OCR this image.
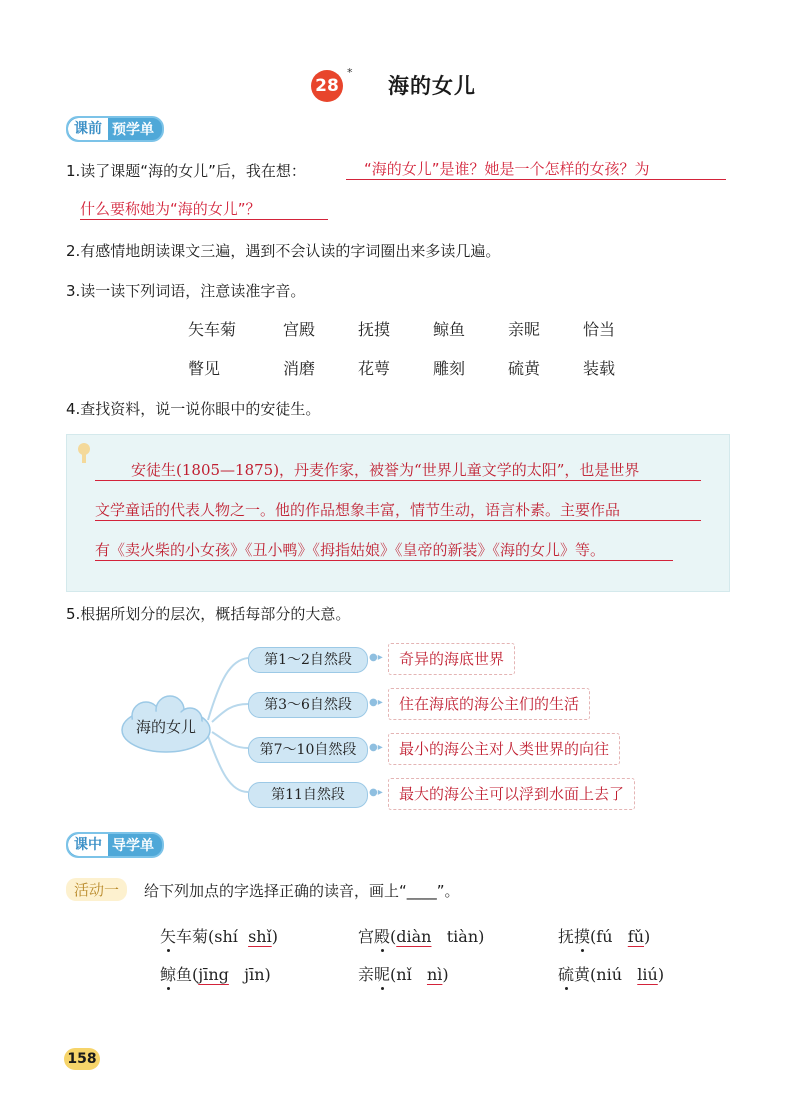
28
*
海的女儿
课前 预学单
1.读了课题“海的女儿”后，我在想：	“海的女儿”是谁？她是一个怎样的女孩？为
什么要称她为“海的女儿”？
2.有感情地朗读课文三遍，遇到不会认读的字词圈出来多读几遍。
3.读一读下列词语，注意读准字音。
矢车菊	宫殿	抚摸	鲸鱼	亲昵	恰当
瞥见	消磨	花萼	雕刻	硫黄	装载
4.查找资料，说一说你眼中的安徒生。
安徒生(1805—1875)，丹麦作家，被誉为“世界儿童文学的太阳”，也是世界
文学童话的代表人物之一。他的作品想象丰富，情节生动，语言朴素。主要作品
有《卖火柴的小女孩》《丑小鸭》《拇指姑娘》《皇帝的新装》《海的女儿》等。
5.根据所划分的层次，概括每部分的大意。
海的女儿
第1～2自然段	●▸	奇异的海底世界
第3～6自然段	●▸	住在海底的海公主们的生活
第7～10自然段	●▸	最小的海公主对人类世界的向往
第11自然段	●▸	最大的海公主可以浮到水面上去了
课中 导学单
活动一	给下列加点的字选择正确的读音，画上“____”。
矢车菊(shí shǐ)	宫殿(diàn tiàn)	抚摸(fú fǔ)
鲸鱼(jīng jīn)	亲昵(nǐ nì)	硫黄(niú liú)
158
